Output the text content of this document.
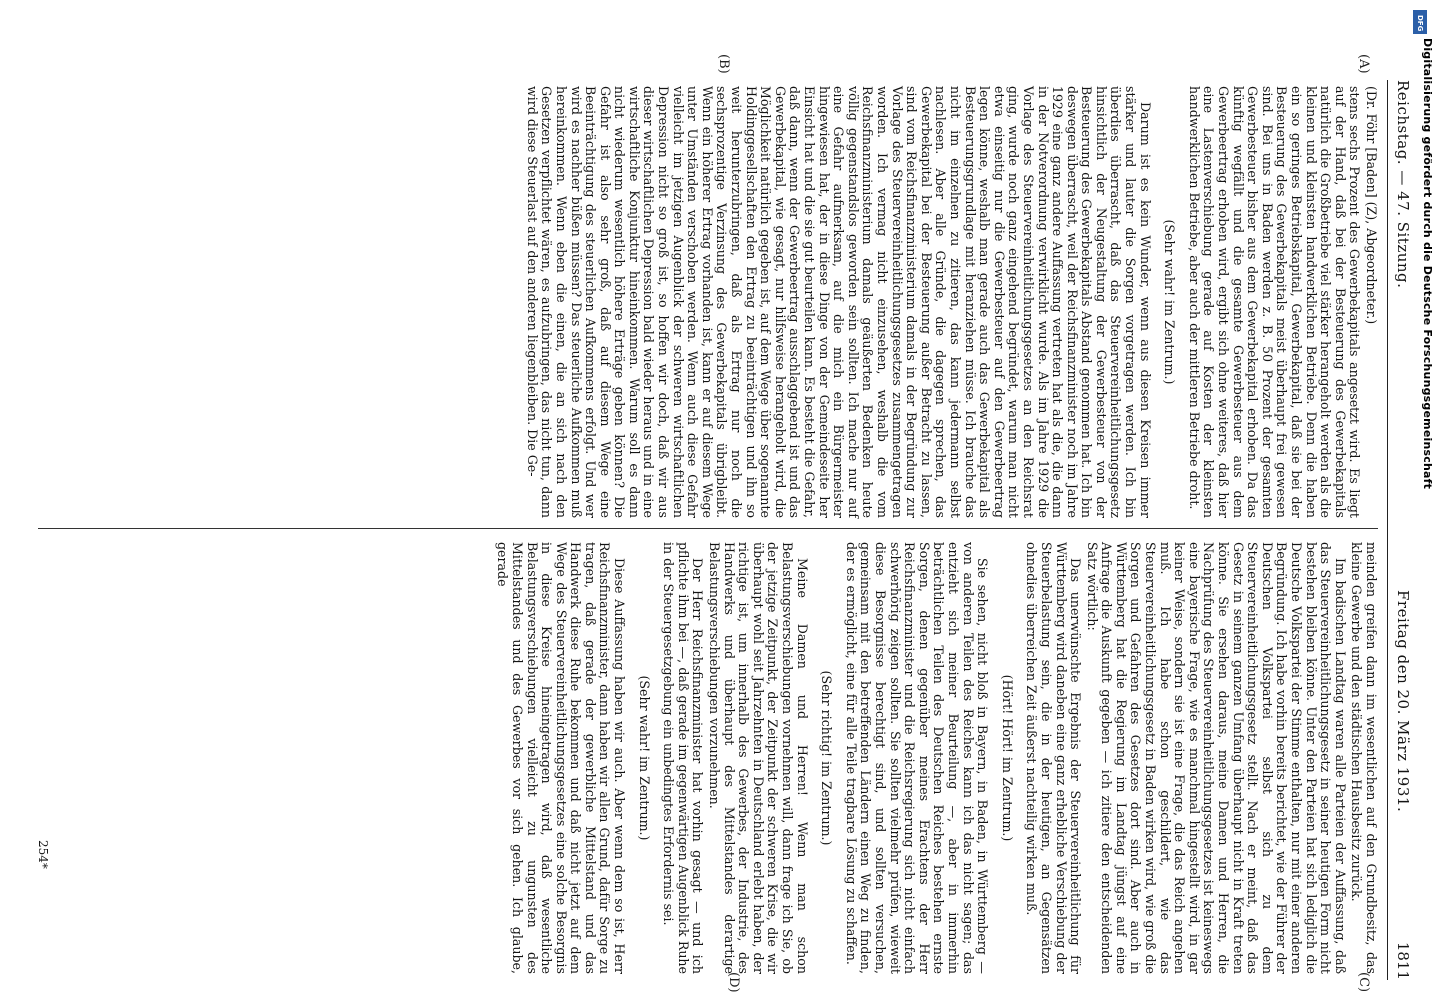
Reichstag. — 47. Sitzung.
Freitag den 20. März 1931.
1811
(A)
(B)
(C)
(D)

(Dr. Föhr [Baden] (Z), Abgeordneter.)

stens sechs Prozent des Gewerbekapitals angesetzt wird. Es liegt auf der Hand, daß bei der Besteuerung des Gewerbekapitals natürlich die Großbetriebe viel stärker herangeholt werden als die kleinen und kleinsten handwerklichen Betriebe. Denn die haben ein so geringes Betriebskapital, Gewerbekapital, daß sie bei der Besteuerung des Gewerbekapitals meist überhaupt frei gewesen sind. Bei uns in Baden werden z. B. 50 Prozent der gesamten Gewerbesteuer bisher aus dem Gewerbekapital erhoben. Da das künftig wegfällt und die gesamte Gewerbesteuer aus dem Gewerbeertrag erhoben wird, ergibt sich ohne weiteres, daß hier eine Lastenverschiebung gerade auf Kosten der kleinsten handwerklichen Betriebe, aber auch der mittleren Betriebe droht.

(Sehr wahr! im Zentrum.)

Darum ist es kein Wunder, wenn aus diesen Kreisen immer stärker und lauter die Sorgen vorgetragen werden. Ich bin überdies überrascht, daß das Steuervereinheitlichungsgesetz hinsichtlich der Neugestaltung der Gewerbesteuer von der Besteuerung des Gewerbekapitals Abstand genommen hat. Ich bin deswegen überrascht, weil der Reichsfinanzminister noch im Jahre 1929 eine ganz andere Auffassung vertreten hat als die, die dann in der Notverordnung verwirklicht wurde. Als im Jahre 1929 die Vorlage des Steuervereinheitlichungsgesetzes an den Reichsrat ging, wurde noch ganz eingehend begründet, warum man nicht etwa einseitig nur die Gewerbesteuer auf den Gewerbeertrag legen könne, weshalb man gerade auch das Gewerbekapital als Besteuerungsgrundlage mit heranziehen müsse. Ich brauche das nicht im einzelnen zu zitieren, das kann jedermann selbst nachlesen. Aber alle Gründe, die dagegen sprechen, das Gewerbekapital bei der Besteuerung außer Betracht zu lassen, sind vom Reichsfinanzministerium damals in der Begründung zur Vorlage des Steuervereinheitlichungsgesetzes zusammengetragen worden. Ich vermag nicht einzusehen, weshalb die vom Reichsfinanzministerium damals geäußerten Bedenken heute völlig gegenstandslos geworden sein sollten. Ich mache nur auf eine Gefahr aufmerksam, auf die mich ein Bürgermeister hingewiesen hat, der in diese Dinge von der Gemeindeseite her Einsicht hat und die sie gut beurteilen kann. Es besteht die Gefahr, daß dann, wenn der Gewerbeertrag ausschlaggebend ist und das Gewerbekapital, wie gesagt, nur hilfsweise herangeholt wird, die Möglichkeit natürlich gegeben ist, auf dem Wege über sogenannte Holdinggesellschaften den Ertrag zu beeinträchtigen und ihn so weit herunterzubringen, daß als Ertrag nur noch die sechsprozentige Verzinsung des Gewerbekapitals übrigbleibt. Wenn ein höherer Ertrag vorhanden ist, kann er auf diesem Wege unter Umständen verschoben werden. Wenn auch diese Gefahr vielleicht im jetzigen Augenblick der schweren wirtschaftlichen Depression nicht so groß ist, so hoffen wir doch, daß wir aus dieser wirtschaftlichen Depression bald wieder heraus und in eine wirtschaftliche Konjunktur hineinkommen. Warum soll es dann nicht wiederum wesentlich höhere Erträge geben können? Die Gefahr ist also sehr groß, daß auf diesem Wege eine Beeinträchtigung des steuerlichen Aufkommens erfolgt. Und wer wird es nachher büßen müssen? Das steuerliche Aufkommen muß hereinkommen. Wenn eben die einen, die an sich nach den Gesetzen verpflichtet wären, es aufzubringen, das nicht tun, dann wird diese Steuerlast auf den anderen liegenbleiben. Die Ge-

meinden greifen dann im wesentlichen auf den Grundbesitz, das kleine Gewerbe und den städtischen Hausbesitz zurück.

Im badischen Landtag waren alle Parteien der Auffassung, daß das Steuervereinheitlichungsgesetz in seiner heutigen Form nicht bestehen bleiben könne. Unter den Parteien hat sich lediglich die Deutsche Volkspartei der Stimme enthalten, nur mit einer anderen Begründung. Ich habe vorhin bereits berichtet, wie der Führer der Deutschen Volkspartei selbst sich zu dem Steuervereinheitlichungsgesetz stellt. Nach er meint, daß das Gesetz in seinem ganzen Umfang überhaupt nicht in Kraft treten könne. Sie ersehen daraus, meine Damen und Herren, die Nachprüfung des Steuervereinheitlichungsgesetzes ist keineswegs eine bayerische Frage, wie es manchmal hingestellt wird, in gar keiner Weise, sondern sie ist eine Frage, die das Reich angehen muß. Ich habe schon geschildert, wie das Steuervereinheitlichungsgesetz in Baden wirken wird, wie groß die Sorgen und Gefahren des Gesetzes dort sind. Aber auch in Württemberg hat die Regierung im Landtag jüngst auf eine Anfrage die Auskunft gegeben — ich zitiere den entscheidenden Satz wörtlich:

Das unerwünschte Ergebnis der Steuervereinheitlichung für Württemberg wird daneben eine ganz erhebliche Verschiebung der Steuerbelastung sein, die in der heutigen, an Gegensätzen ohnedies überreichen Zeit äußerst nachteilig wirken muß.

(Hört! Hört! im Zentrum.)

Sie sehen, nicht bloß in Bayern, in Baden, in Württemberg — von anderen Teilen des Reiches kann ich das nicht sagen; das entzieht sich meiner Beurteilung —, aber in immerhin beträchtlichen Teilen des Deutschen Reiches bestehen ernste Sorgen, denen gegenüber meines Erachtens der Herr Reichsfinanzminister und die Reichsregierung sich nicht einfach schwerhörig zeigen sollten. Sie sollten vielmehr prüfen, wieweit diese Besorgnisse berechtigt sind, und sollten versuchen, gemeinsam mit den betreffenden Ländern einen Weg zu finden, der es ermöglicht, eine für alle Teile tragbare Lösung zu schaffen.

(Sehr richtig! im Zentrum.)

Meine Damen und Herren! Wenn man schon Belastungsverschiebungen vornehmen will, dann frage ich Sie, ob der jetzige Zeitpunkt, der Zeitpunkt der schweren Krise, die wir überhaupt wohl seit Jahrzehnten in Deutschland erlebt haben, der richtige ist, um innerhalb des Gewerbes, der Industrie, des Handwerks und überhaupt des Mittelstandes derartige Belastungsverschiebungen vorzunehmen.

Der Herr Reichsfinanzminister hat vorhin gesagt — und ich pflichte ihm bei —, daß gerade im gegenwärtigen Augenblick Ruhe in der Steuergesetzgebung ein unbedingtes Erfordernis sei.

(Sehr wahr! im Zentrum.)

Diese Auffassung haben wir auch. Aber wenn dem so ist, Herr Reichsfinanzminister, dann haben wir allen Grund, dafür Sorge zu tragen, daß gerade der gewerbliche Mittelstand und das Handwerk diese Ruhe bekommen und daß nicht jetzt auf dem Wege des Steuervereinheitlichungsgesetzes eine solche Besorgnis in diese Kreise hineingetragen wird, daß wesentliche Belastungsverschiebungen vielleicht zu ungunsten des Mittelstandes und des Gewerbes vor sich gehen. Ich glaube, gerade

254*
DFG
Digitalisierung gefördert durch die Deutsche Forschungsgemeinschaft
